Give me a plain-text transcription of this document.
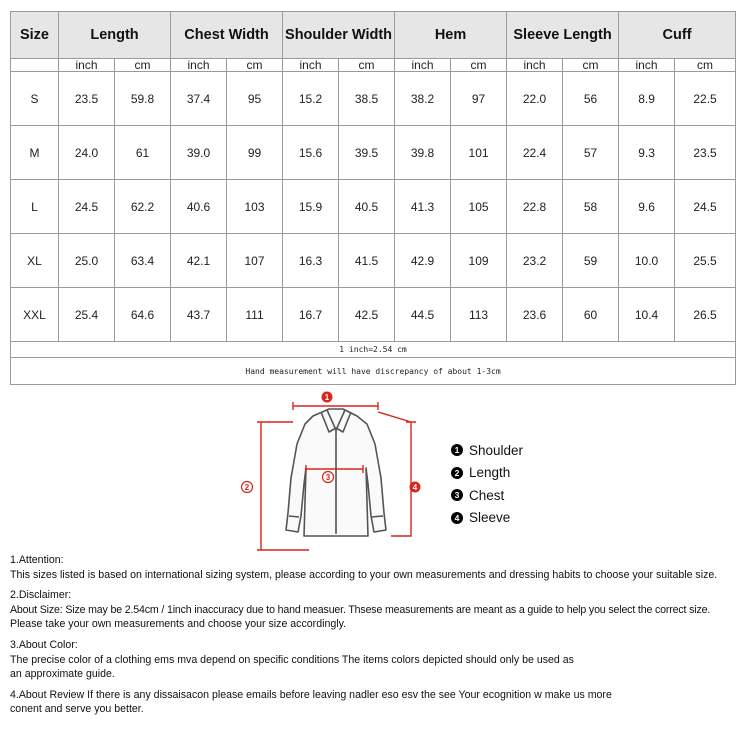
Size	Length		Chest Width		Shoulder Width		Hem		Sleeve Length		Cuff	
	inch	cm	inch	cm	inch	cm	inch	cm	inch	cm	inch	cm
S	23.5	59.8	37.4	95	15.2	38.5	38.2	97	22.0	56	8.9	22.5
M	24.0	61	39.0	99	15.6	39.5	39.8	101	22.4	57	9.3	23.5
L	24.5	62.2	40.6	103	15.9	40.5	41.3	105	22.8	58	9.6	24.5
XL	25.0	63.4	42.1	107	16.3	41.5	42.9	109	23.2	59	10.0	25.5
XXL	25.4	64.6	43.7	111	16.7	42.5	44.5	113	23.6	60	10.4	26.5
1 inch=2.54 cm												
Hand measurement will have discrepancy of about 1-3cm												
1
2
3
4
1 Shoulder
2 Length
3 Chest
4 Sleeve

1.Attention:

This sizes listed is based on international sizing system, please according to your own measurements and dressing habits to choose your suitable size.

2.Disclaimer:

About Size: Size may be 2.54cm / 1inch inaccuracy due to hand measuer. Thsese measurements are meant as a guide to help you select the correct size.

Please take your own measurements and choose your size accordingly.

3.About Color:

The precise color of a clothing ems mva depend on specific conditions The items colors depicted should only be used as

an approximate guide.

4.About Review If there is any dissaisacon please emails before leaving nadler eso esv the see Your ecognition w make us more

conent and serve you better.
